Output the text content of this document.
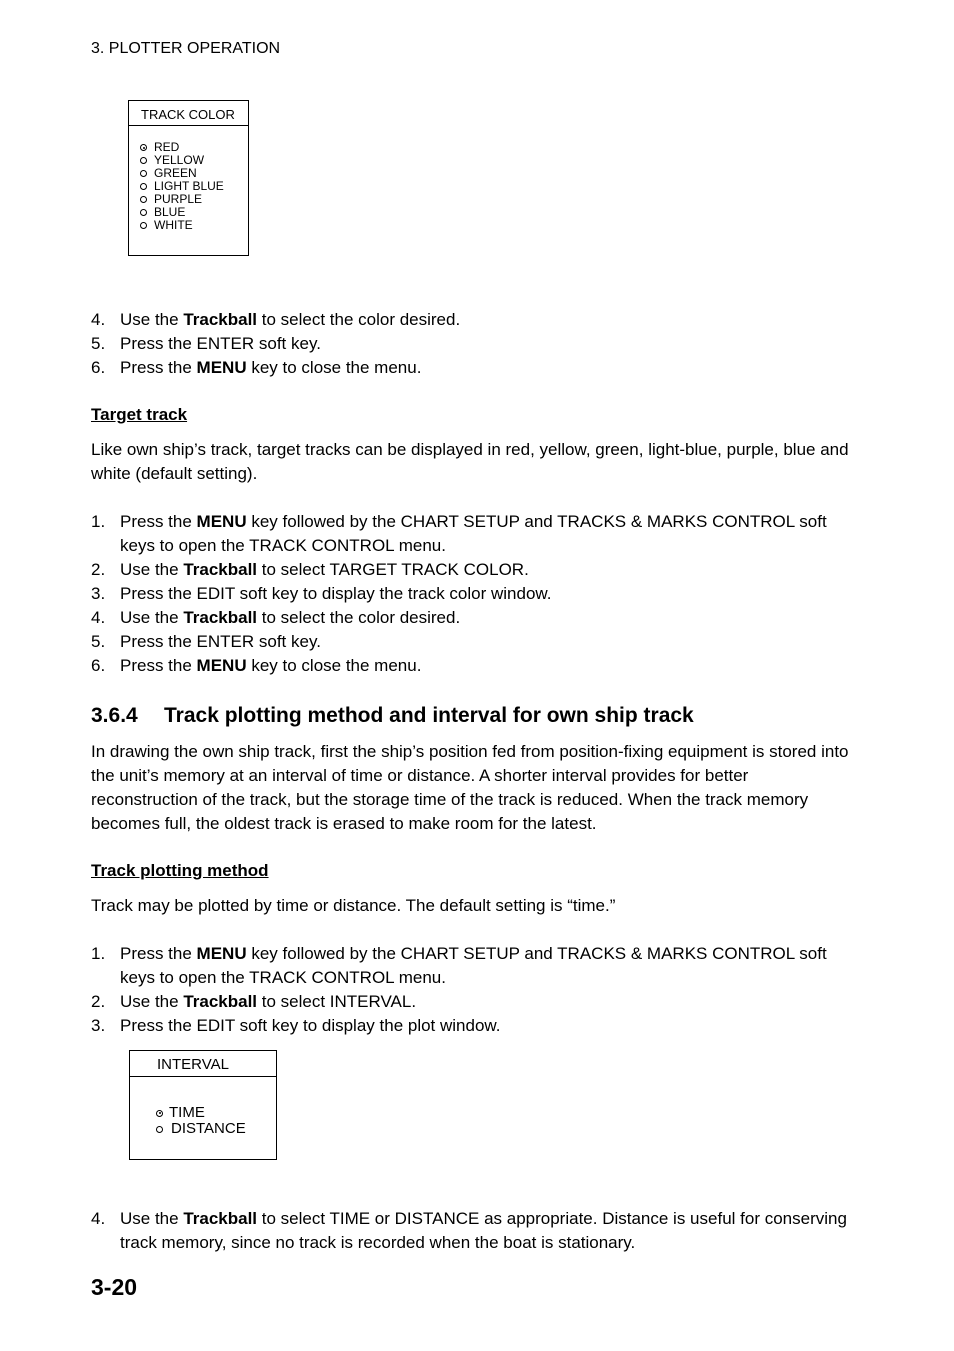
3. PLOTTER OPERATION
TRACK COLOR
RED
YELLOW
GREEN
LIGHT BLUE
PURPLE
BLUE
WHITE
4. Use the Trackball to select the color desired.
5. Press the ENTER soft key.
6. Press the MENU key to close the menu.
Target track
Like own ship’s track, target tracks can be displayed in red, yellow, green, light-blue, purple, blue and white (default setting).
1. Press the MENU key followed by the CHART SETUP and TRACKS & MARKS CONTROL soft keys to open the TRACK CONTROL menu.
2. Use the Trackball to select TARGET TRACK COLOR.
3. Press the EDIT soft key to display the track color window.
4. Use the Trackball to select the color desired.
5. Press the ENTER soft key.
6. Press the MENU key to close the menu.
3.6.4 Track plotting method and interval for own ship track
In drawing the own ship track, first the ship’s position fed from position-fixing equipment is stored into the unit’s memory at an interval of time or distance. A shorter interval provides for better reconstruction of the track, but the storage time of the track is reduced. When the track memory becomes full, the oldest track is erased to make room for the latest.
Track plotting method
Track may be plotted by time or distance. The default setting is “time.”
1. Press the MENU key followed by the CHART SETUP and TRACKS & MARKS CONTROL soft keys to open the TRACK CONTROL menu.
2. Use the Trackball to select INTERVAL.
3. Press the EDIT soft key to display the plot window.
INTERVAL
TIME
DISTANCE
4. Use the Trackball to select TIME or DISTANCE as appropriate. Distance is useful for conserving track memory, since no track is recorded when the boat is stationary.
3-20
